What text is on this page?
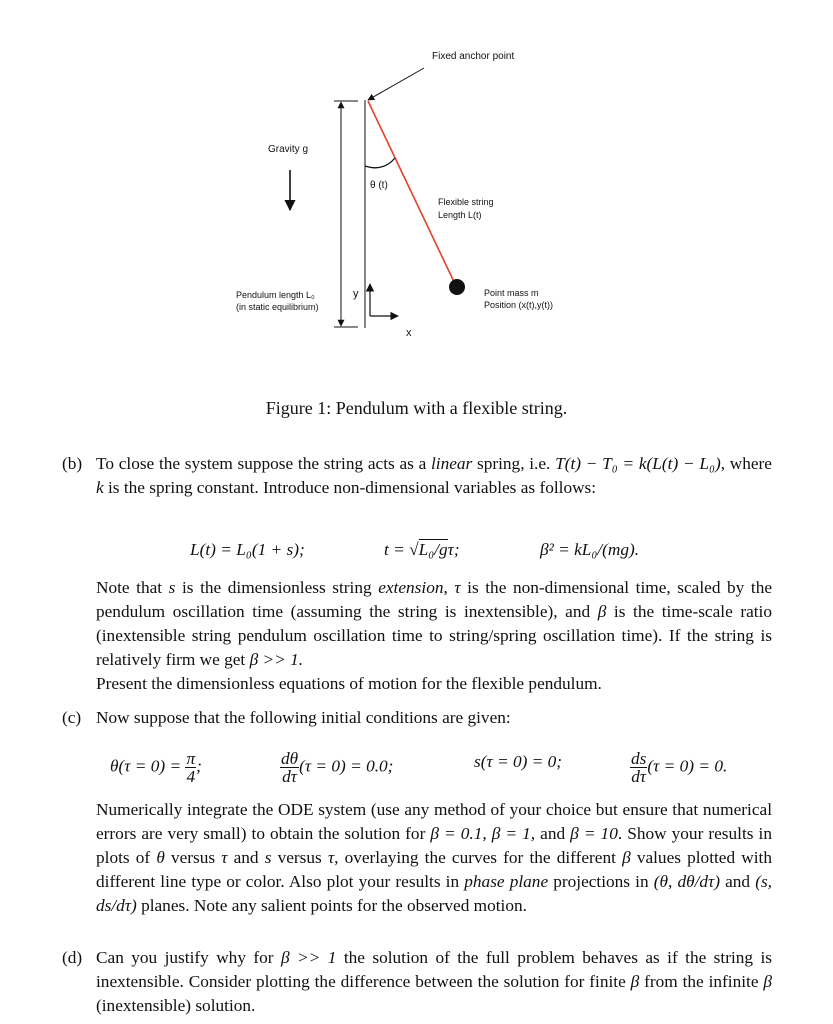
Fixed anchor point
Gravity g
θ (t)
Flexible string
Length L(t)
Point mass m
Position (x(t),y(t))
Pendulum length L₀
(in static equilibrium)
y
x
Figure 1: Pendulum with a flexible string.
(b) To close the system suppose the string acts as a linear spring, i.e. T(t) − T₀ = k(L(t) − L₀), where k is the spring constant. Introduce non-dimensional variables as follows:
L(t) = L₀(1 + s);	t = √L₀/gτ;	β² = kL₀/(mg).
Note that s is the dimensionless string extension, τ is the non-dimensional time, scaled by the pendulum oscillation time (assuming the string is inextensible), and β is the time-scale ratio (inextensible string pendulum oscillation time to string/spring oscillation time). If the string is relatively firm we get β >> 1.
Present the dimensionless equations of motion for the flexible pendulum.
(c) Now suppose that the following initial conditions are given:
$\theta(\tau = 0) = \frac{\pi}{4}$ ;	$\frac{d\theta}{d\tau} (\tau = 0) = 0.0$;	s(τ = 0) = 0;	$\frac{ds}{d\tau} (\tau = 0) = 0$.
Numerically integrate the ODE system (use any method of your choice but ensure that numerical errors are very small) to obtain the solution for β = 0.1, β = 1, and β = 10. Show your results in plots of θ versus τ and s versus τ, overlaying the curves for the different β values plotted with different line type or color. Also plot your results in phase plane projections in (θ, dθ/dτ) and (s, ds/dτ) planes. Note any salient points for the observed motion.
(d) Can you justify why for β >> 1 the solution of the full problem behaves as if the string is inextensible. Consider plotting the difference between the solution for finite β from the infinite β (inextensible) solution.
